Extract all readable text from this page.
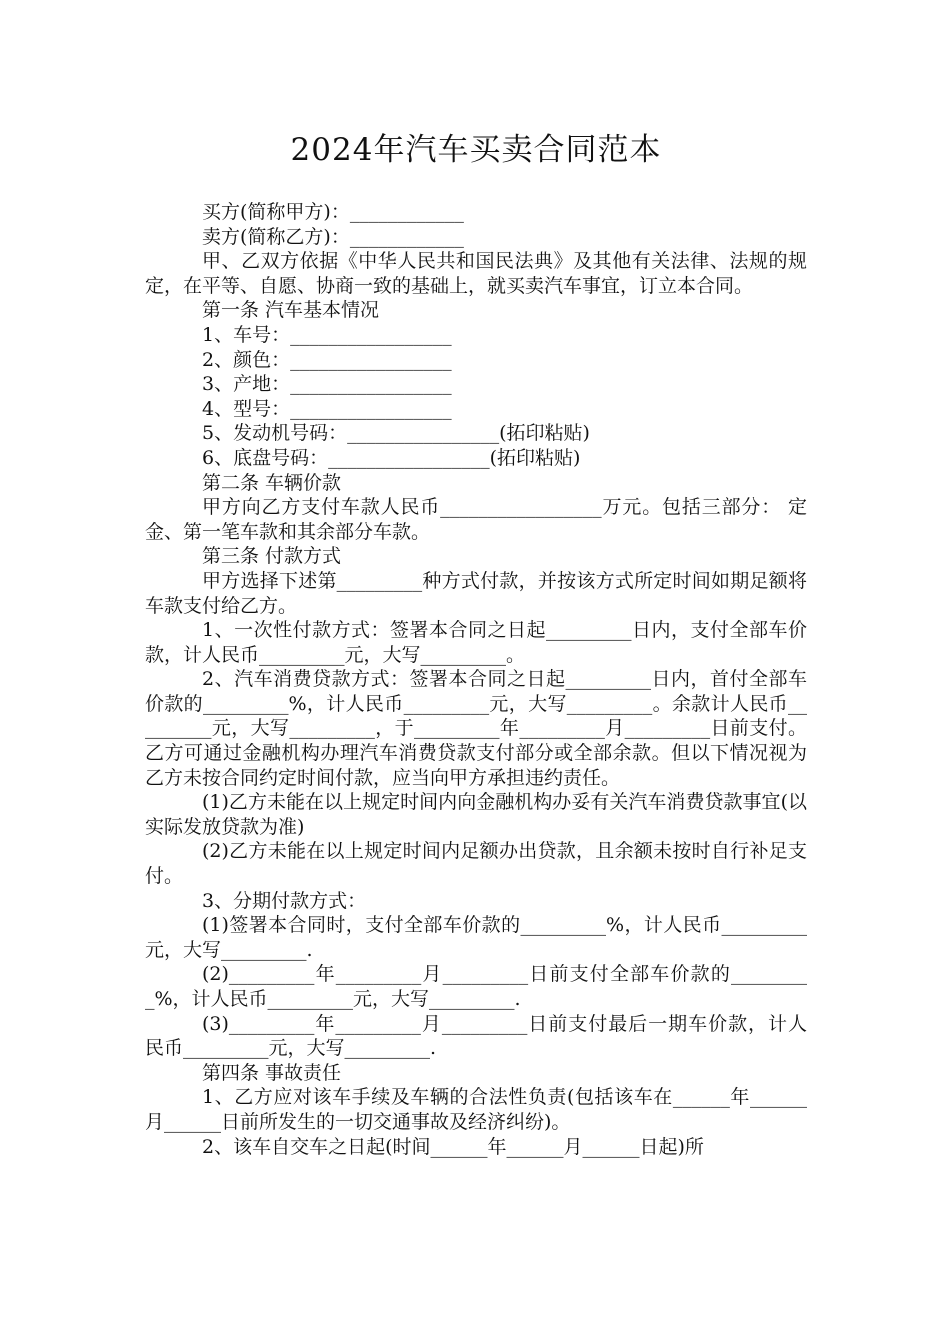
2024年汽车买卖合同范本

买方(简称甲方)：____________

卖方(简称乙方)：____________

甲、乙双方依据《中华人民共和国民法典》及其他有关法律、法规的规定，在平等、自愿、协商一致的基础上，就买卖汽车事宜，订立本合同。

第一条 汽车基本情况

1、车号：_________________

2、颜色：_________________

3、产地：_________________

4、型号：_________________

5、发动机号码：________________(拓印粘贴)

6、底盘号码：_________________(拓印粘贴)

第二条 车辆价款

甲方向乙方支付车款人民币_________________万元。包括三部分： 定金、第一笔车款和其余部分车款。

第三条 付款方式

甲方选择下述第_________种方式付款，并按该方式所定时间如期足额将车款支付给乙方。

1、一次性付款方式：签署本合同之日起_________日内，支付全部车价款，计人民币_________元，大写_________。

2、汽车消费贷款方式：签署本合同之日起_________日内，首付全部车价款的_________%，计人民币_________元，大写_________。余款计人民币_________元，大写_________，于_________年_________月_________日前支付。乙方可通过金融机构办理汽车消费贷款支付部分或全部余款。但以下情况视为乙方未按合同约定时间付款，应当向甲方承担违约责任。

(1)乙方未能在以上规定时间内向金融机构办妥有关汽车消费贷款事宜(以实际发放贷款为准)

(2)乙方未能在以上规定时间内足额办出贷款，且余额未按时自行补足支付。

3、分期付款方式：

(1)签署本合同时，支付全部车价款的_________%，计人民币_________元，大写_________.

(2)_________年_________月_________日前支付全部车价款的_________%，计人民币_________元，大写_________.

(3)_________年_________月_________日前支付最后一期车价款，计人民币_________元，大写_________.

第四条 事故责任

1、乙方应对该车手续及车辆的合法性负责(包括该车在______年______月______日前所发生的一切交通事故及经济纠纷)。

2、该车自交车之日起(时间______年______月______日起)所
